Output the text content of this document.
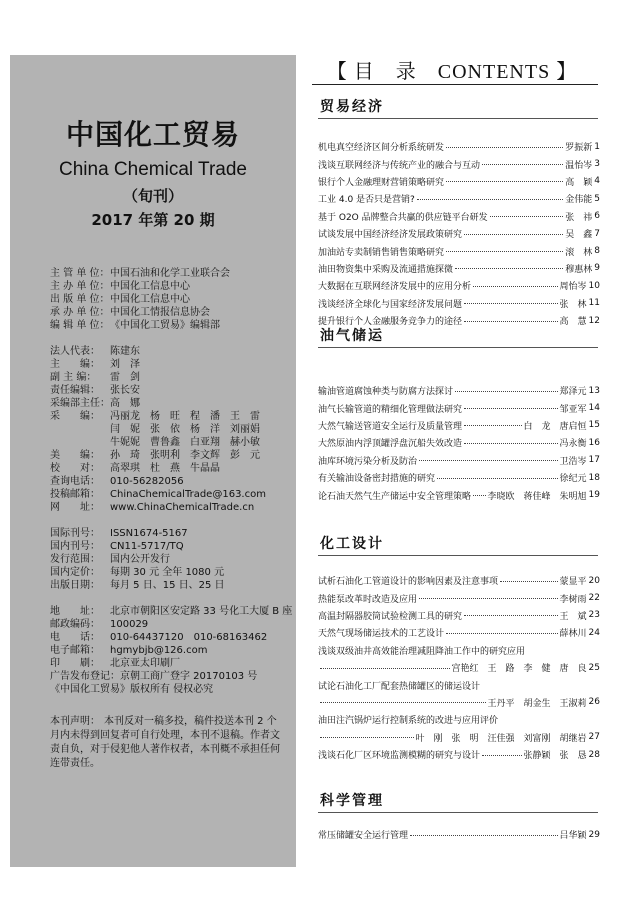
中国化工贸易
China Chemical Trade
（旬刊）
2017 年第 20 期
主 管 单 位：中国石油和化学工业联合会
主 办 单 位：中国化工信息中心
出 版 单 位：中国化工信息中心
承 办 单 位：中国化工情报信息协会
编 辑 单 位：《中国化工贸易》编辑部
法人代表： 陈建东
主　　编： 刘　泽
副 主 编： 雷　剑
责任编辑： 张长安
采编部主任：高　娜
采　　编： 冯丽龙　杨　旺　程　潘　王　雷
闫　妮　张　依　杨　洋　刘丽娟
牛妮妮　曹鲁鑫　白亚翔　赫小敏
美　　编： 孙　琦　张明利　李文辉　彭　元
校　　对： 高翠琪　杜　燕　牛晶晶
查询电话： 010-56282056
投稿邮箱： ChinaChemicalTrade@163.com
网　　址： www.ChinaChemicalTrade.cn
国际刊号： ISSN1674-5167
国内刊号： CN11-5717/TQ
发行范围： 国内公开发行
国内定价： 每期 30 元 全年 1080 元
出版日期： 每月 5 日、15 日、25 日
地　　址： 北京市朝阳区安定路 33 号化工大厦 B 座
邮政编码： 100029
电　　话： 010-64437120　010-68163462
电子邮箱： hgmybjb@126.com
印　　刷： 北京亚太印刷厂
广告发布登记：京朝工商广登字 20170103 号
《中国化工贸易》版权所有 侵权必究
本刊声明： 本刊反对一稿多投，稿件投送本刊 2 个月内未得到回复者可自行处理，本刊不退稿。作者文责自负，对于侵犯他人著作权者，本刊概不承担任何连带责任。
【 目　录　CONTENTS 】
贸易经济
机电真空经济区间分析系统研发	罗振新 1
浅谈互联网经济与传统产业的融合与互动	温怡岑 3
银行个人金融理财营销策略研究	高　颖 4
工业 4.0 是否只是营销?	金伟能 5
基于 O2O 品牌整合共赢的供应链平台研发	张　祎 6
试谈发展中国经济经济发展政策研究	吴　鑫 7
加油站专卖制销售销售策略研究	滚　林 8
油田物资集中采购及流通措施探微	穆惠林 9
大数据在互联网经济发展中的应用分析	周怡岑 10
浅谈经济全球化与国家经济发展问题	张　林 11
提升银行个人金融服务竞争力的途径	高　慧 12
油气储运
输油管道腐蚀种类与防腐方法探讨	郑泽元 13
油气长输管道的精细化管理做法研究	邹亚军 14
大然气输送管道安全运行及质量管理	白　龙　唐启恒 15
大然原油内浮顶罐浮盘沉船失效改造	冯永衡 16
油库环境污染分析及防治	卫浩岑 17
有关输油设备密封措施的研究	徐纪元 18
论石油天然气生产储运中安全管理策略 李晓欧　蒋佳峰　朱明旭 19
化工设计
试析石油化工管道设计的影响因素及注意事项	蒙显平 20
热能泵改革时改造及应用	李树雨 22
高温封隔器胶筒试验检测工具的研究	王　斌 23
天然气现场储运技术的工艺设计	薛林川 24
浅谈双级油井高效能治理减阻降油工作中的研究应用
宫艳红　王　路　李　健　唐　良 25
试论石油化工厂配套热储罐区的储运设计
王丹平　胡金生　王淑莉 26
油田注汽锅炉运行控制系统的改进与应用评价
叶　刚　张　明　汪佳强　刘富刚　胡继岩 27
浅谈石化厂区环境监测模糊的研究与设计	张静颖　张　恳 28
科学管理
常压储罐安全运行管理	吕华颖 29
